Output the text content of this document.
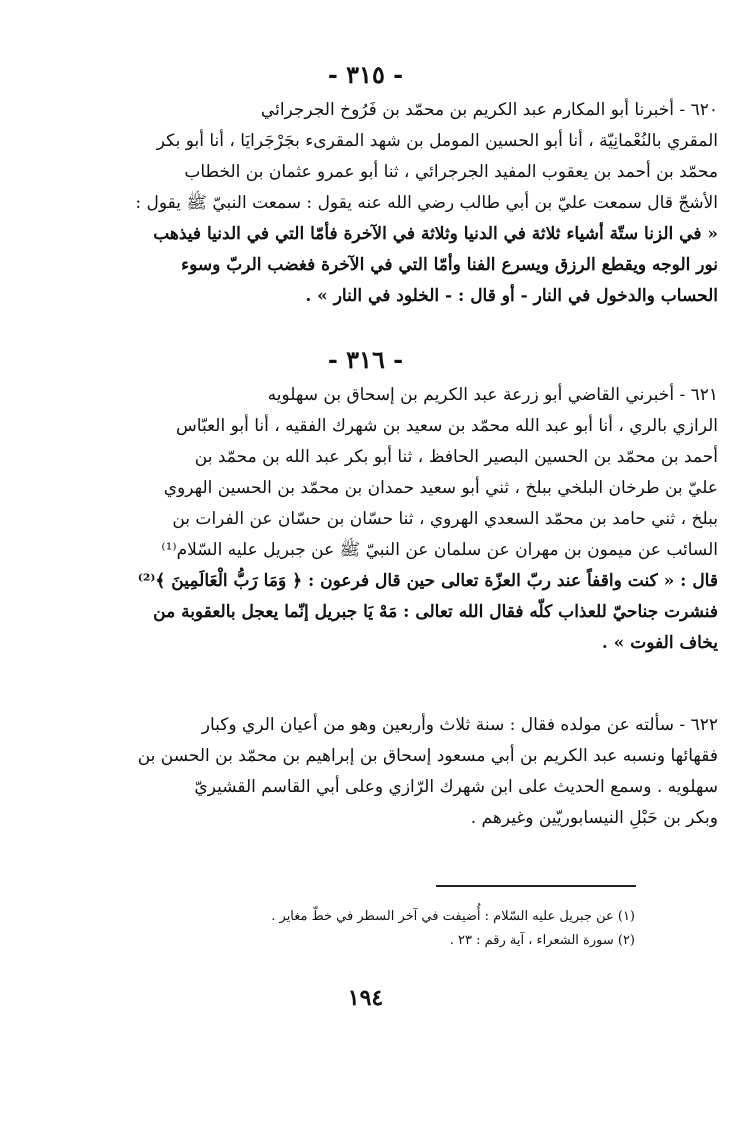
- ٣١٥ -
٦٢٠ - أخبرنا أبو المكارم عبد الكريم بن محمّد بن فَرُوخ الجرجرائي
المقري بالنُعْمانِيّة ، أنا أبو الحسين المومل بن شهد المقرىء بجَرْجَرايَا ، أنا أبو بكر
محمّد بن أحمد بن يعقوب المفيد الجرجرائي ، ثنا أبو عمرو عثمان بن الخطاب
الأشجّ قال سمعت عليّ بن أبي طالب رضي الله عنه يقول : سمعت النبيّ ﷺ يقول :
« في الزنا ستّة أشياء ثلاثة في الدنيا وثلاثة في الآخرة فأمّا التي في الدنيا فيذهب
نور الوجه ويقطع الرزق ويسرع الفنا وأمّا التي في الآخرة فغضب الربّ وسوء
الحساب والدخول في النار - أو قال : - الخلود في النار » .
- ٣١٦ -
٦٢١ - أخبرني القاضي أبو زرعة عبد الكريم بن إسحاق بن سهلويه
الرازي بالري ، أنا أبو عبد الله محمّد بن سعيد بن شهرك الفقيه ، أنا أبو العبّاس
أحمد بن محمّد بن الحسين البصير الحافظ ، ثنا أبو بكر عبد الله بن محمّد بن
عليّ بن طرخان البلخي ببلخ ، ثني أبو سعيد حمدان بن محمّد بن الحسين الهروي
ببلخ ، ثني حامد بن محمّد السعدي الهروي ، ثنا حسّان بن حسّان عن الفرات بن
السائب عن ميمون بن مهران عن سلمان عن النبيّ ﷺ عن جبريل عليه السّلام⁽¹⁾
قال : « كنت واقفاً عند ربّ العزّة تعالى حين قال فرعون : ﴿ وَمَا رَبُّ الْعَالَمِينَ ﴾⁽²⁾
فنشرت جناحيّ للعذاب كلّه فقال الله تعالى : مَهْ يَا جبريل إنّما يعجل بالعقوبة من
يخاف الفوت » .
٦٢٢ - سألته عن مولده فقال : سنة ثلاث وأربعين وهو من أعيان الري وكبار
فقهائها ونسبه عبد الكريم بن أبي مسعود إسحاق بن إبراهيم بن محمّد بن الحسن بن
سهلويه . وسمع الحديث على ابن شهرك الرّازي وعلى أبي القاسم القشيريّ
وبكر بن حَبْلِ النيسابوريّين وغيرهم .
(١) عن جبريل عليه السّلام : أُضيفت في آخر السطر في خطّ مغاير .
(٢) سورة الشعراء ، آية رقم : ٢٣ .
١٩٤
